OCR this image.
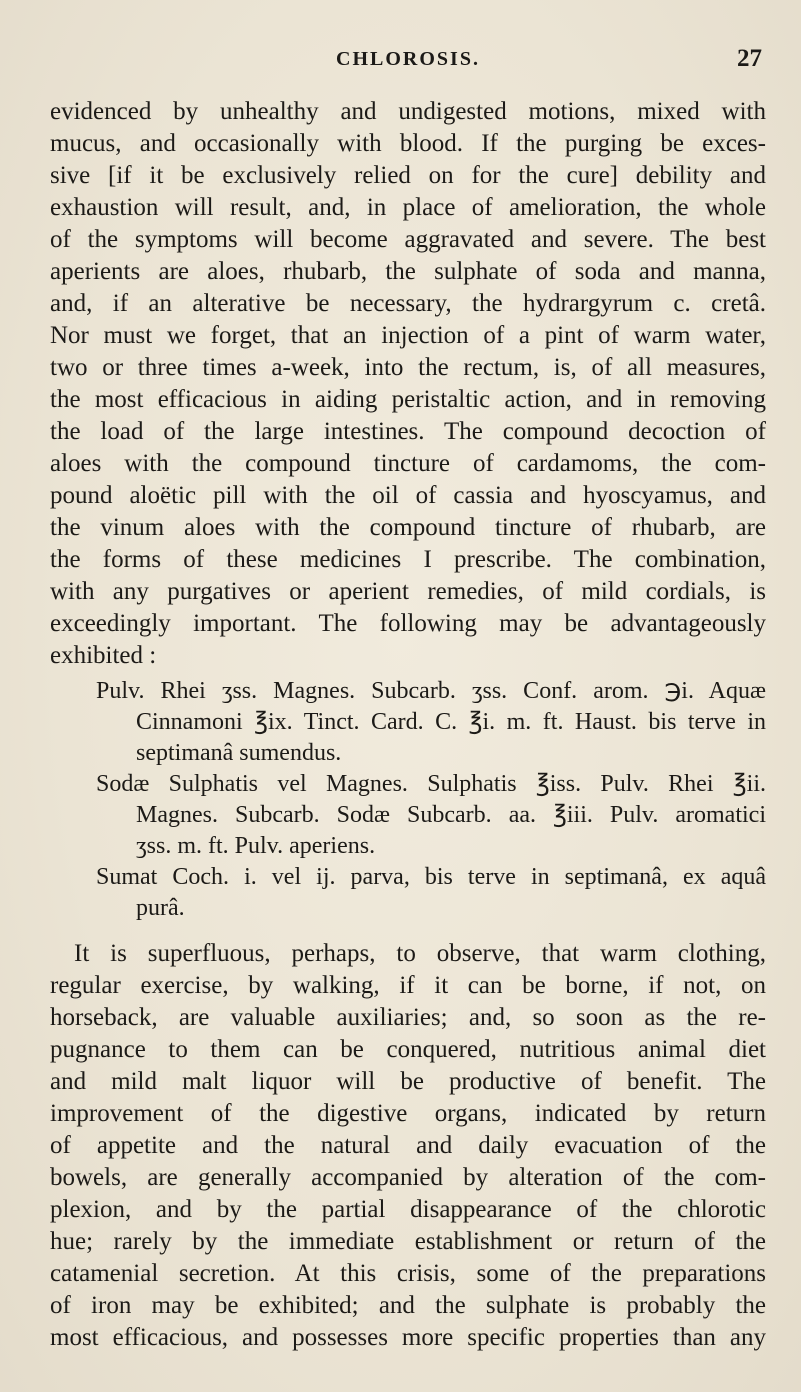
CHLOROSIS.	27
evidenced by unhealthy and undigested motions, mixed with
mucus, and occasionally with blood. If the purging be exces-
sive [if it be exclusively relied on for the cure] debility and
exhaustion will result, and, in place of amelioration, the whole
of the symptoms will become aggravated and severe. The best
aperients are aloes, rhubarb, the sulphate of soda and manna,
and, if an alterative be necessary, the hydrargyrum c. cretâ.
Nor must we forget, that an injection of a pint of warm water,
two or three times a-week, into the rectum, is, of all measures,
the most efficacious in aiding peristaltic action, and in removing
the load of the large intestines. The compound decoction of
aloes with the compound tincture of cardamoms, the com-
pound aloëtic pill with the oil of cassia and hyoscyamus, and
the vinum aloes with the compound tincture of rhubarb, are
the forms of these medicines I prescribe. The combination,
with any purgatives or aperient remedies, of mild cordials, is
exceedingly important. The following may be advantageously
exhibited :
Pulv. Rhei ʒss. Magnes. Subcarb. ʒss. Conf. arom. ℈i. Aquæ
Cinnamoni ℥ix. Tinct. Card. C. ℥i. m. ft. Haust. bis terve in
septimanâ sumendus.
Sodæ Sulphatis vel Magnes. Sulphatis ℥iss. Pulv. Rhei ℥ii.
Magnes. Subcarb. Sodæ Subcarb. aa. ℥iii. Pulv. aromatici
ʒss. m. ft. Pulv. aperiens.
Sumat Coch. i. vel ij. parva, bis terve in septimanâ, ex aquâ
purâ.
It is superfluous, perhaps, to observe, that warm clothing,
regular exercise, by walking, if it can be borne, if not, on
horseback, are valuable auxiliaries; and, so soon as the re-
pugnance to them can be conquered, nutritious animal diet
and mild malt liquor will be productive of benefit. The
improvement of the digestive organs, indicated by return
of appetite and the natural and daily evacuation of the
bowels, are generally accompanied by alteration of the com-
plexion, and by the partial disappearance of the chlorotic
hue; rarely by the immediate establishment or return of the
catamenial secretion. At this crisis, some of the preparations
of iron may be exhibited; and the sulphate is probably the
most efficacious, and possesses more specific properties than any
